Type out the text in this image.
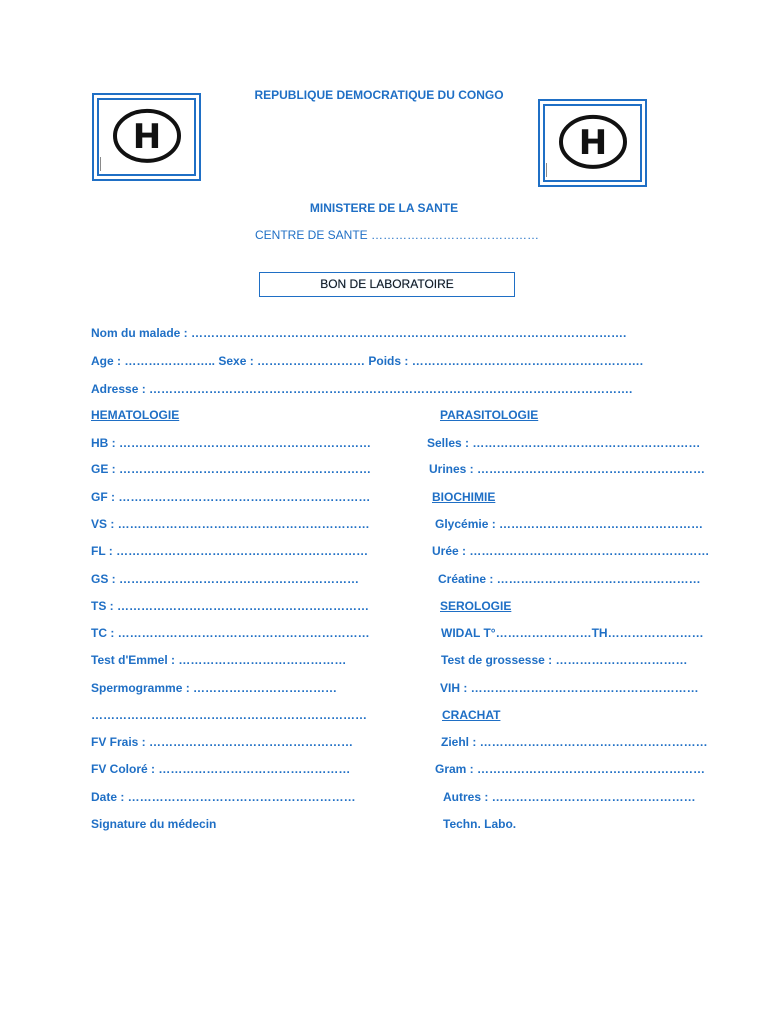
H	H
REPUBLIQUE DEMOCRATIQUE DU CONGO
MINISTERE DE LA SANTE
CENTRE DE SANTE ……………………………………
BON DE LABORATOIRE
Nom du malade : ……………………………………………………………………………………………….
Age : ………………….. Sexe : ……………………… Poids : ………………………………………………….
Adresse : ………………………………………………………………………………………………………….
HEMATOLOGIE
HB : ………………………………………………………
GE : ………………………………………………………
GF : ………………………………………………………
VS : ………………………………………………………
FL : ………………………………………………………
GS : ……………………………………………………
TS : ………………………………………………………
TC : ………………………………………………………
Test d'Emmel : ……………………………………
Spermogramme : ………………………………
……………………………………………………………
FV Frais : ……………………………………………
FV Coloré : …………………………………………
Date : …………………………………………………
Signature du médecin
PARASITOLOGIE
Selles : …………………………………………………
Urines : …………………………………………………
BIOCHIMIE
Glycémie : ……………………………………………
Urée : ……………………………………………………
Créatine : ……………………………………………
SEROLOGIE
WIDAL T°……………………TH……………………
Test de grossesse : ……………………………
VIH : …………………………………………………
CRACHAT
Ziehl : …………………………………………………
Gram : …………………………………………………
Autres : ……………………………………………
Techn. Labo.
